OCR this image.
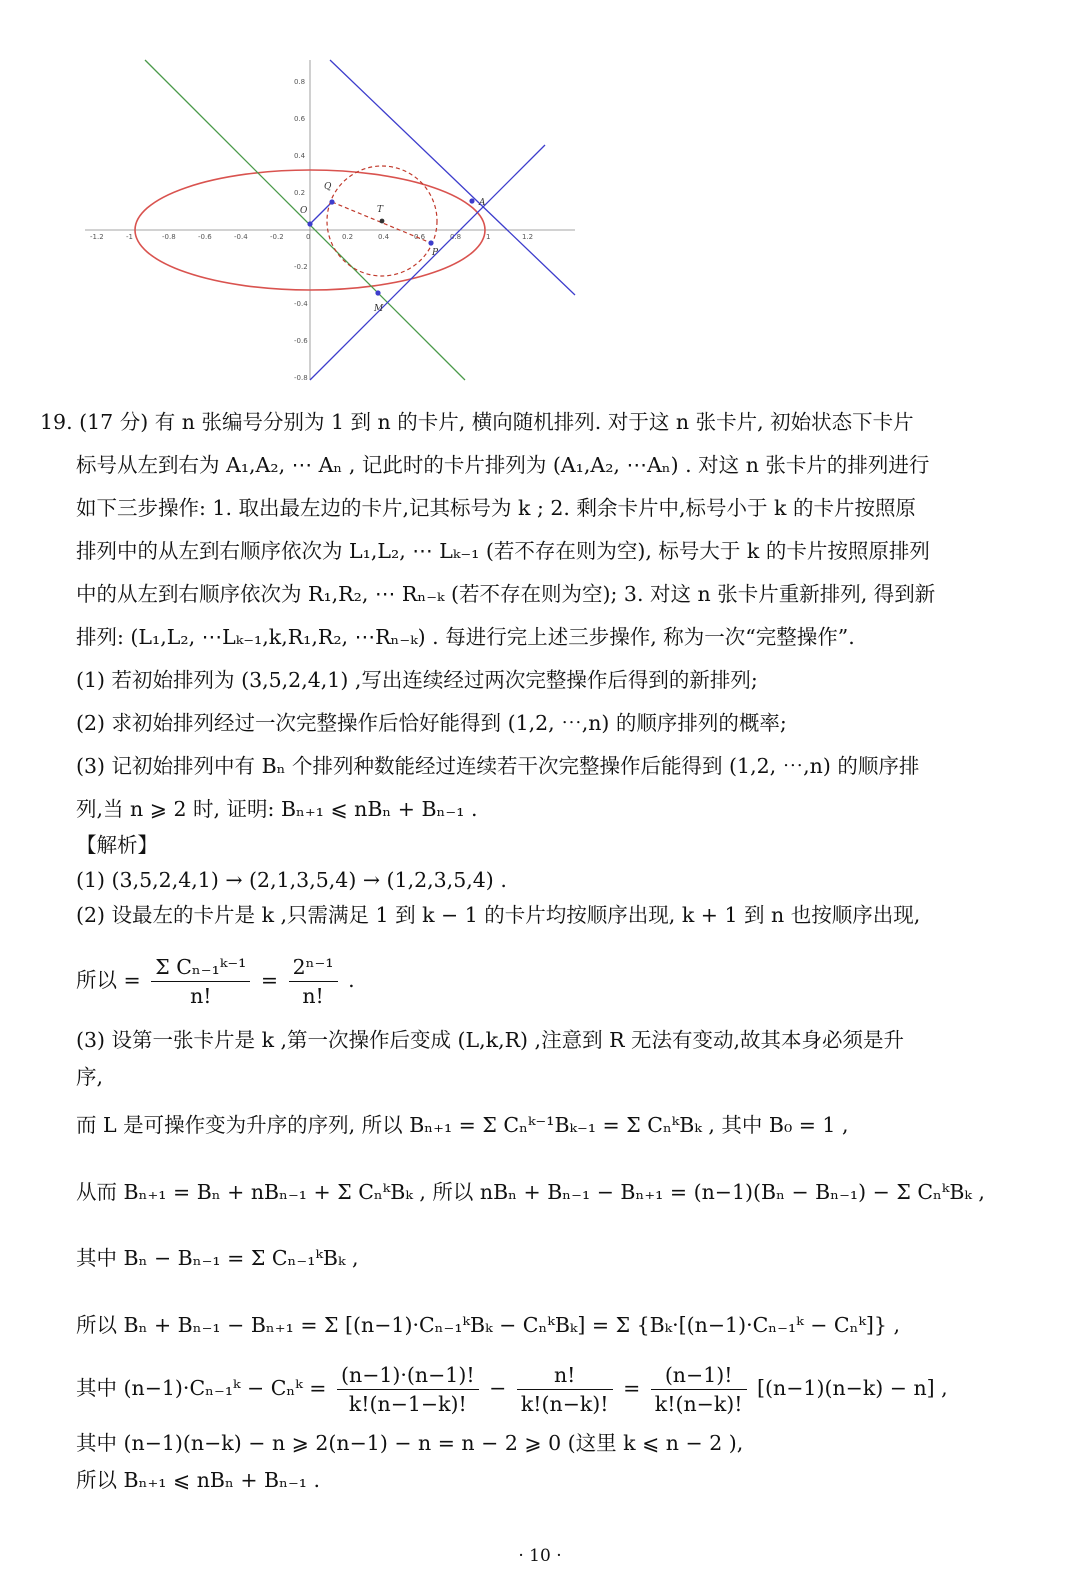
-1.2	-1	-0.8	-0.6	-0.4	-0.2	0	0.2	0.4	0.6	0.8	1	1.2
0.8
0.6
0.4
0.2
-0.2
-0.4
-0.6
-0.8
O
Q
T
A
P
M
19. (17 分) 有 n 张编号分别为 1 到 n 的卡片, 横向随机排列. 对于这 n 张卡片, 初始状态下卡片
标号从左到右为 A₁,A₂, ⋯ Aₙ , 记此时的卡片排列为 (A₁,A₂, ⋯Aₙ) . 对这 n 张卡片的排列进行
如下三步操作: 1. 取出最左边的卡片,记其标号为 k ; 2. 剩余卡片中,标号小于 k 的卡片按照原
排列中的从左到右顺序依次为 L₁,L₂, ⋯ Lₖ₋₁ (若不存在则为空), 标号大于 k 的卡片按照原排列
中的从左到右顺序依次为 R₁,R₂, ⋯ Rₙ₋ₖ (若不存在则为空); 3. 对这 n 张卡片重新排列, 得到新
排列: (L₁,L₂, ⋯Lₖ₋₁,k,R₁,R₂, ⋯Rₙ₋ₖ) . 每进行完上述三步操作, 称为一次“完整操作”.
(1) 若初始排列为 (3,5,2,4,1) ,写出连续经过两次完整操作后得到的新排列;
(2) 求初始排列经过一次完整操作后恰好能得到 (1,2, ⋯,n) 的顺序排列的概率;
(3) 记初始排列中有 Bₙ 个排列种数能经过连续若干次完整操作后能得到 (1,2, ⋯,n) 的顺序排
列,当 n ⩾ 2 时, 证明: Bₙ₊₁ ⩽ nBₙ + Bₙ₋₁ .
【解析】
(1) (3,5,2,4,1) → (2,1,3,5,4) → (1,2,3,5,4) .
(2) 设最左的卡片是 k ,只需满足 1 到 k − 1 的卡片均按顺序出现, k + 1 到 n 也按顺序出现,
所以 = $\frac{\text{Σ Cₙ₋₁ᵏ⁻¹}}{n!} = \frac{\text{2ⁿ⁻¹}}{n!}$ .
(3) 设第一张卡片是 k ,第一次操作后变成 (L,k,R) ,注意到 R 无法有变动,故其本身必须是升
序,
而 L 是可操作变为升序的序列, 所以 Bₙ₊₁ = Σ Cₙᵏ⁻¹Bₖ₋₁ = Σ CₙᵏBₖ , 其中 B₀ = 1 ,
从而 Bₙ₊₁ = Bₙ + nBₙ₋₁ + Σ CₙᵏBₖ , 所以 nBₙ + Bₙ₋₁ − Bₙ₊₁ = (n−1)(Bₙ − Bₙ₋₁) − Σ CₙᵏBₖ ,
其中 Bₙ − Bₙ₋₁ = Σ Cₙ₋₁ᵏBₖ ,
所以 Bₙ + Bₙ₋₁ − Bₙ₊₁ = Σ [(n−1)·Cₙ₋₁ᵏBₖ − CₙᵏBₖ] = Σ {Bₖ·[(n−1)·Cₙ₋₁ᵏ − Cₙᵏ]} ,
其中 (n−1)·Cₙ₋₁ᵏ − Cₙᵏ = $\frac{(n-1)\cdot(n-1)!}{k!(n-1-k)!} - \frac{n!}{k!(n-k)!} = \frac{(n-1)!}{k!(n-k)!} [(n-1)(n-k) - n]$ ,
其中 (n−1)(n−k) − n ⩾ 2(n−1) − n = n − 2 ⩾ 0 (这里 k ⩽ n − 2 ),
所以 Bₙ₊₁ ⩽ nBₙ + Bₙ₋₁ .
· 10 ·
